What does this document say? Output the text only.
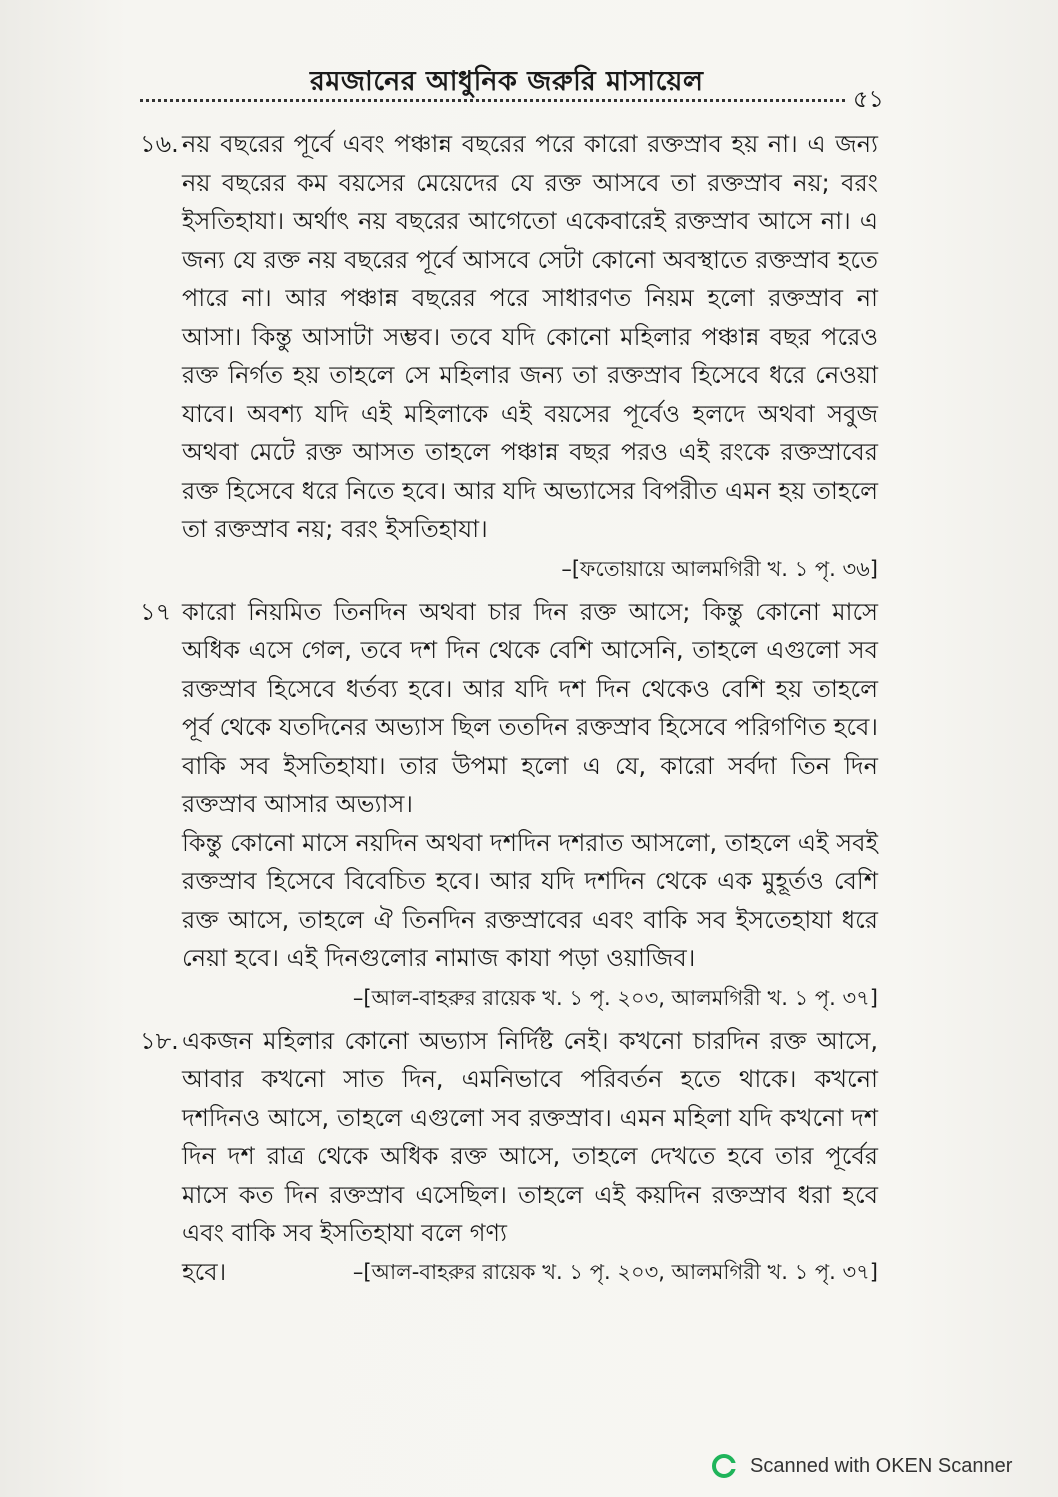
রমজানের আধুনিক জরুরি মাসায়েল
৫১
১৬. নয় বছরের পূর্বে এবং পঞ্চান্ন বছরের পরে কারো রক্তস্রাব হয় না। এ জন্য নয় বছরের কম বয়সের মেয়েদের যে রক্ত আসবে তা রক্তস্রাব নয়; বরং ইসতিহাযা। অর্থাৎ নয় বছরের আগেতো একেবারেই রক্তস্রাব আসে না। এ জন্য যে রক্ত নয় বছরের পূর্বে আসবে সেটা কোনো অবস্থাতে রক্তস্রাব হতে পারে না। আর পঞ্চান্ন বছরের পরে সাধারণত নিয়ম হলো রক্তস্রাব না আসা। কিন্তু আসাটা সম্ভব। তবে যদি কোনো মহিলার পঞ্চান্ন বছর পরেও রক্ত নির্গত হয় তাহলে সে মহিলার জন্য তা রক্তস্রাব হিসেবে ধরে নেওয়া যাবে। অবশ্য যদি এই মহিলাকে এই বয়সের পূর্বেও হলদে অথবা সবুজ অথবা মেটে রক্ত আসত তাহলে পঞ্চান্ন বছর পরও এই রংকে রক্তস্রাবের রক্ত হিসেবে ধরে নিতে হবে। আর যদি অভ্যাসের বিপরীত এমন হয় তাহলে তা রক্তস্রাব নয়; বরং ইসতিহাযা।

–[ফতোয়ায়ে আলমগিরী খ. ১ পৃ. ৩৬]
১৭ কারো নিয়মিত তিনদিন অথবা চার দিন রক্ত আসে; কিন্তু কোনো মাসে অধিক এসে গেল, তবে দশ দিন থেকে বেশি আসেনি, তাহলে এগুলো সব রক্তস্রাব হিসেবে ধর্তব্য হবে। আর যদি দশ দিন থেকেও বেশি হয় তাহলে পূর্ব থেকে যতদিনের অভ্যাস ছিল ততদিন রক্তস্রাব হিসেবে পরিগণিত হবে। বাকি সব ইসতিহাযা। তার উপমা হলো এ যে, কারো সর্বদা তিন দিন রক্তস্রাব আসার অভ্যাস।

কিন্তু কোনো মাসে নয়দিন অথবা দশদিন দশরাত আসলো, তাহলে এই সবই রক্তস্রাব হিসেবে বিবেচিত হবে। আর যদি দশদিন থেকে এক মুহূর্তও বেশি রক্ত আসে, তাহলে ঐ তিনদিন রক্তস্রাবের এবং বাকি সব ইসতেহাযা ধরে নেয়া হবে। এই দিনগুলোর নামাজ কাযা পড়া ওয়াজিব।

–[আল-বাহরুর রায়েক খ. ১ পৃ. ২০৩, আলমগিরী খ. ১ পৃ. ৩৭]
১৮. একজন মহিলার কোনো অভ্যাস নির্দিষ্ট নেই। কখনো চারদিন রক্ত আসে, আবার কখনো সাত দিন, এমনিভাবে পরিবর্তন হতে থাকে। কখনো দশদিনও আসে, তাহলে এগুলো সব রক্তস্রাব। এমন মহিলা যদি কখনো দশ দিন দশ রাত্র থেকে অধিক রক্ত আসে, তাহলে দেখতে হবে তার পূর্বের মাসে কত দিন রক্তস্রাব এসেছিল। তাহলে এই কয়দিন রক্তস্রাব ধরা হবে এবং বাকি সব ইসতিহাযা বলে গণ্য

হবে।	–[আল-বাহরুর রায়েক খ. ১ পৃ. ২০৩, আলমগিরী খ. ১ পৃ. ৩৭]
Scanned with OKEN Scanner
